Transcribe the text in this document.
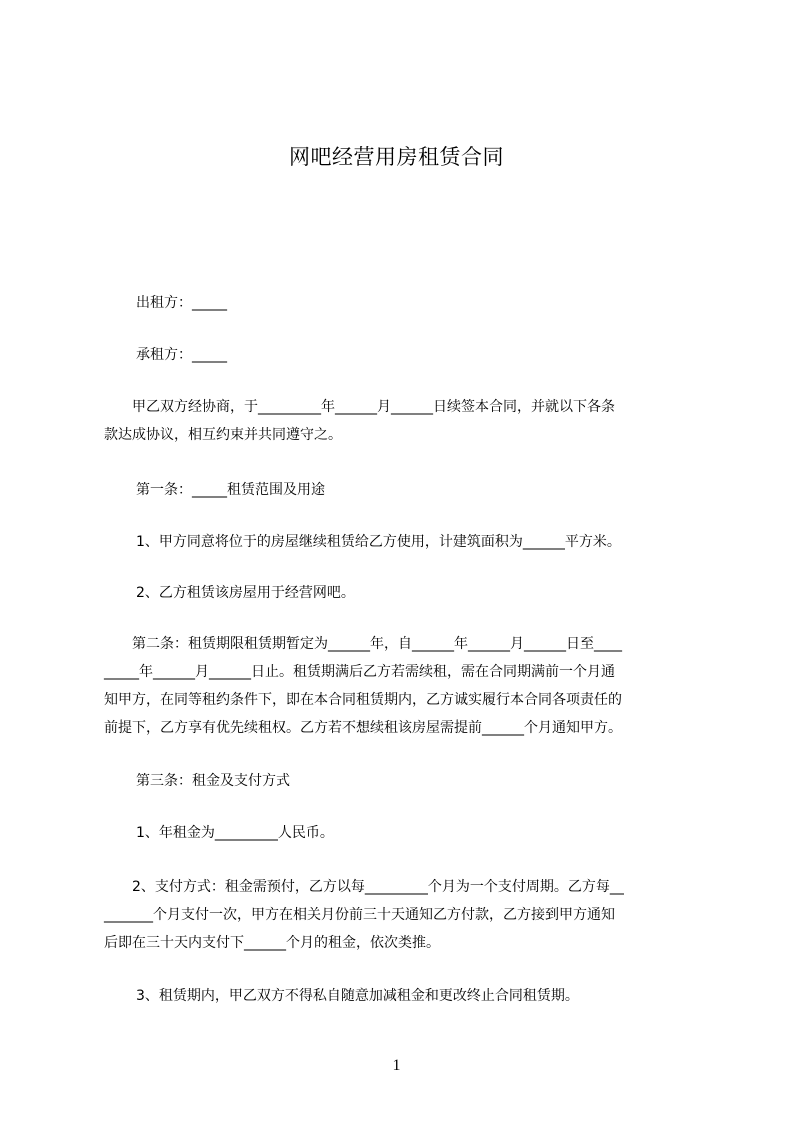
网吧经营用房租赁合同
出租方：_____
承租方：_____
甲乙双方经协商，于_________年______月______日续签本合同，并就以下各条
款达成协议，相互约束并共同遵守之。
第一条：_____租赁范围及用途
1、甲方同意将位于的房屋继续租赁给乙方使用，计建筑面积为______平方米。
2、乙方租赁该房屋用于经营网吧。
第二条：租赁期限租赁期暂定为______年，自______年______月______日至____
_____年______月______日止。租赁期满后乙方若需续租，需在合同期满前一个月通
知甲方，在同等租约条件下，即在本合同租赁期内，乙方诚实履行本合同各项责任的
前提下，乙方享有优先续租权。乙方若不想续租该房屋需提前______个月通知甲方。
第三条：租金及支付方式
1、年租金为_________人民币。
2、支付方式：租金需预付，乙方以每_________个月为一个支付周期。乙方每__
_______个月支付一次，甲方在相关月份前三十天通知乙方付款，乙方接到甲方通知
后即在三十天内支付下______个月的租金，依次类推。
3、租赁期内，甲乙双方不得私自随意加减租金和更改终止合同租赁期。
1
